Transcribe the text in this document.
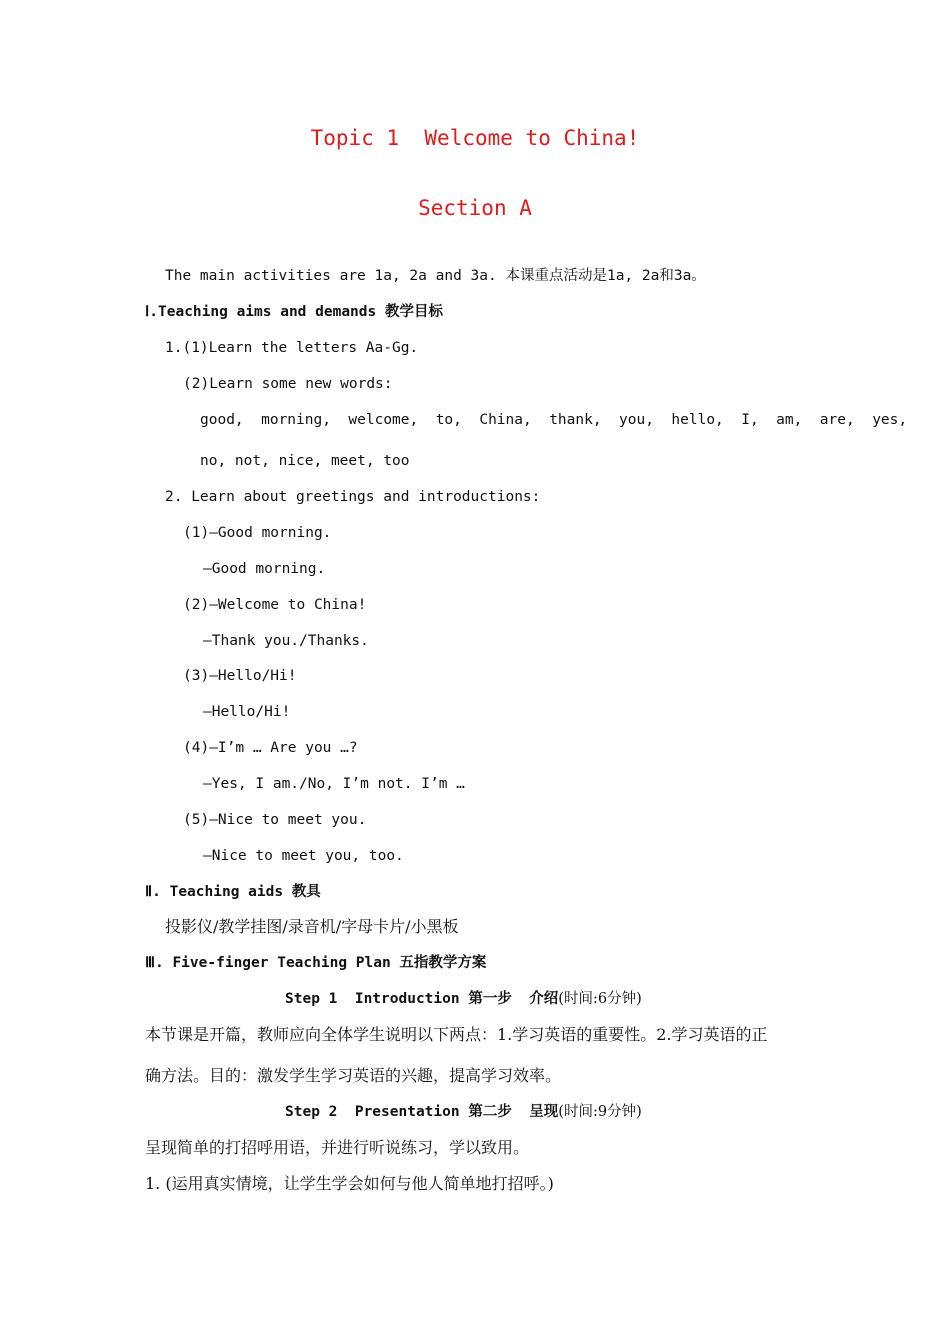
Topic 1  Welcome to China!
Section A
The main activities are 1a, 2a and 3a. 本课重点活动是1a, 2a和3a。
Ⅰ.Teaching aims and demands 教学目标
1.(1)Learn the letters Aa-Gg.
(2)Learn some new words:
good,  morning,  welcome,  to,  China,  thank,  you,  hello,  I,  am,  are,  yes,
no, not, nice, meet, too
2. Learn about greetings and introductions:
(1)—Good morning.
—Good morning.
(2)—Welcome to China!
—Thank you./Thanks.
(3)—Hello/Hi!
—Hello/Hi!
(4)—I’m … Are you …?
—Yes, I am./No, I’m not. I’m …
(5)—Nice to meet you.
—Nice to meet you, too.
Ⅱ. Teaching aids 教具
投影仪/教学挂图/录音机/字母卡片/小黑板
Ⅲ. Five-finger Teaching Plan 五指教学方案
Step 1  Introduction 第一步  介绍(时间:6分钟)
本节课是开篇，教师应向全体学生说明以下两点：1.学习英语的重要性。2.学习英语的正
确方法。目的：激发学生学习英语的兴趣，提高学习效率。
Step 2  Presentation 第二步  呈现(时间:9分钟)
呈现简单的打招呼用语，并进行听说练习，学以致用。
1. (运用真实情境，让学生学会如何与他人简单地打招呼。)
